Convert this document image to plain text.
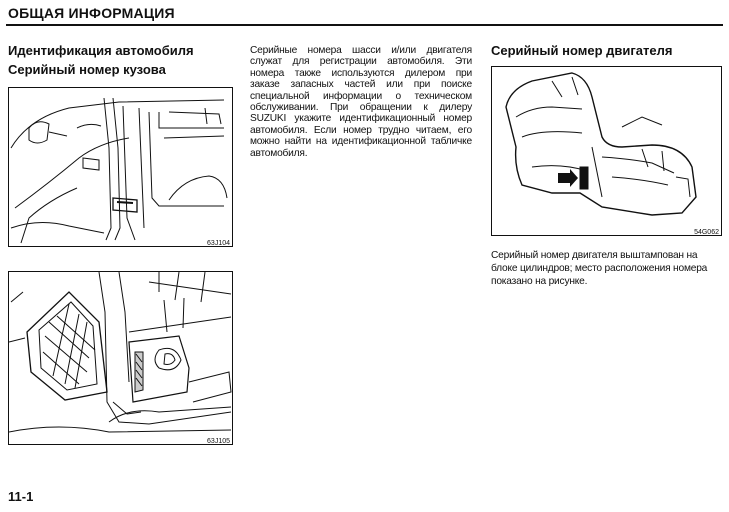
ОБЩАЯ ИНФОРМАЦИЯ
Идентификация автомобиля
Серийный номер кузова
63J104
63J105

Серийные номера шасси и/или двигателя служат для регистрации автомобиля. Эти номера также используются дилером при заказе запасных частей или при поиске специальной информации о техническом обслуживании. При обращении к дилеру SUZUKI укажите идентификационный номер автомобиля. Если номер трудно читаем, его можно найти на идентификационной табличке автомобиля.

Серийный номер двигателя
54G062
Серийный номер двигателя выштампован на блоке цилиндров; место расположения номера показано на рисунке.
11-1
